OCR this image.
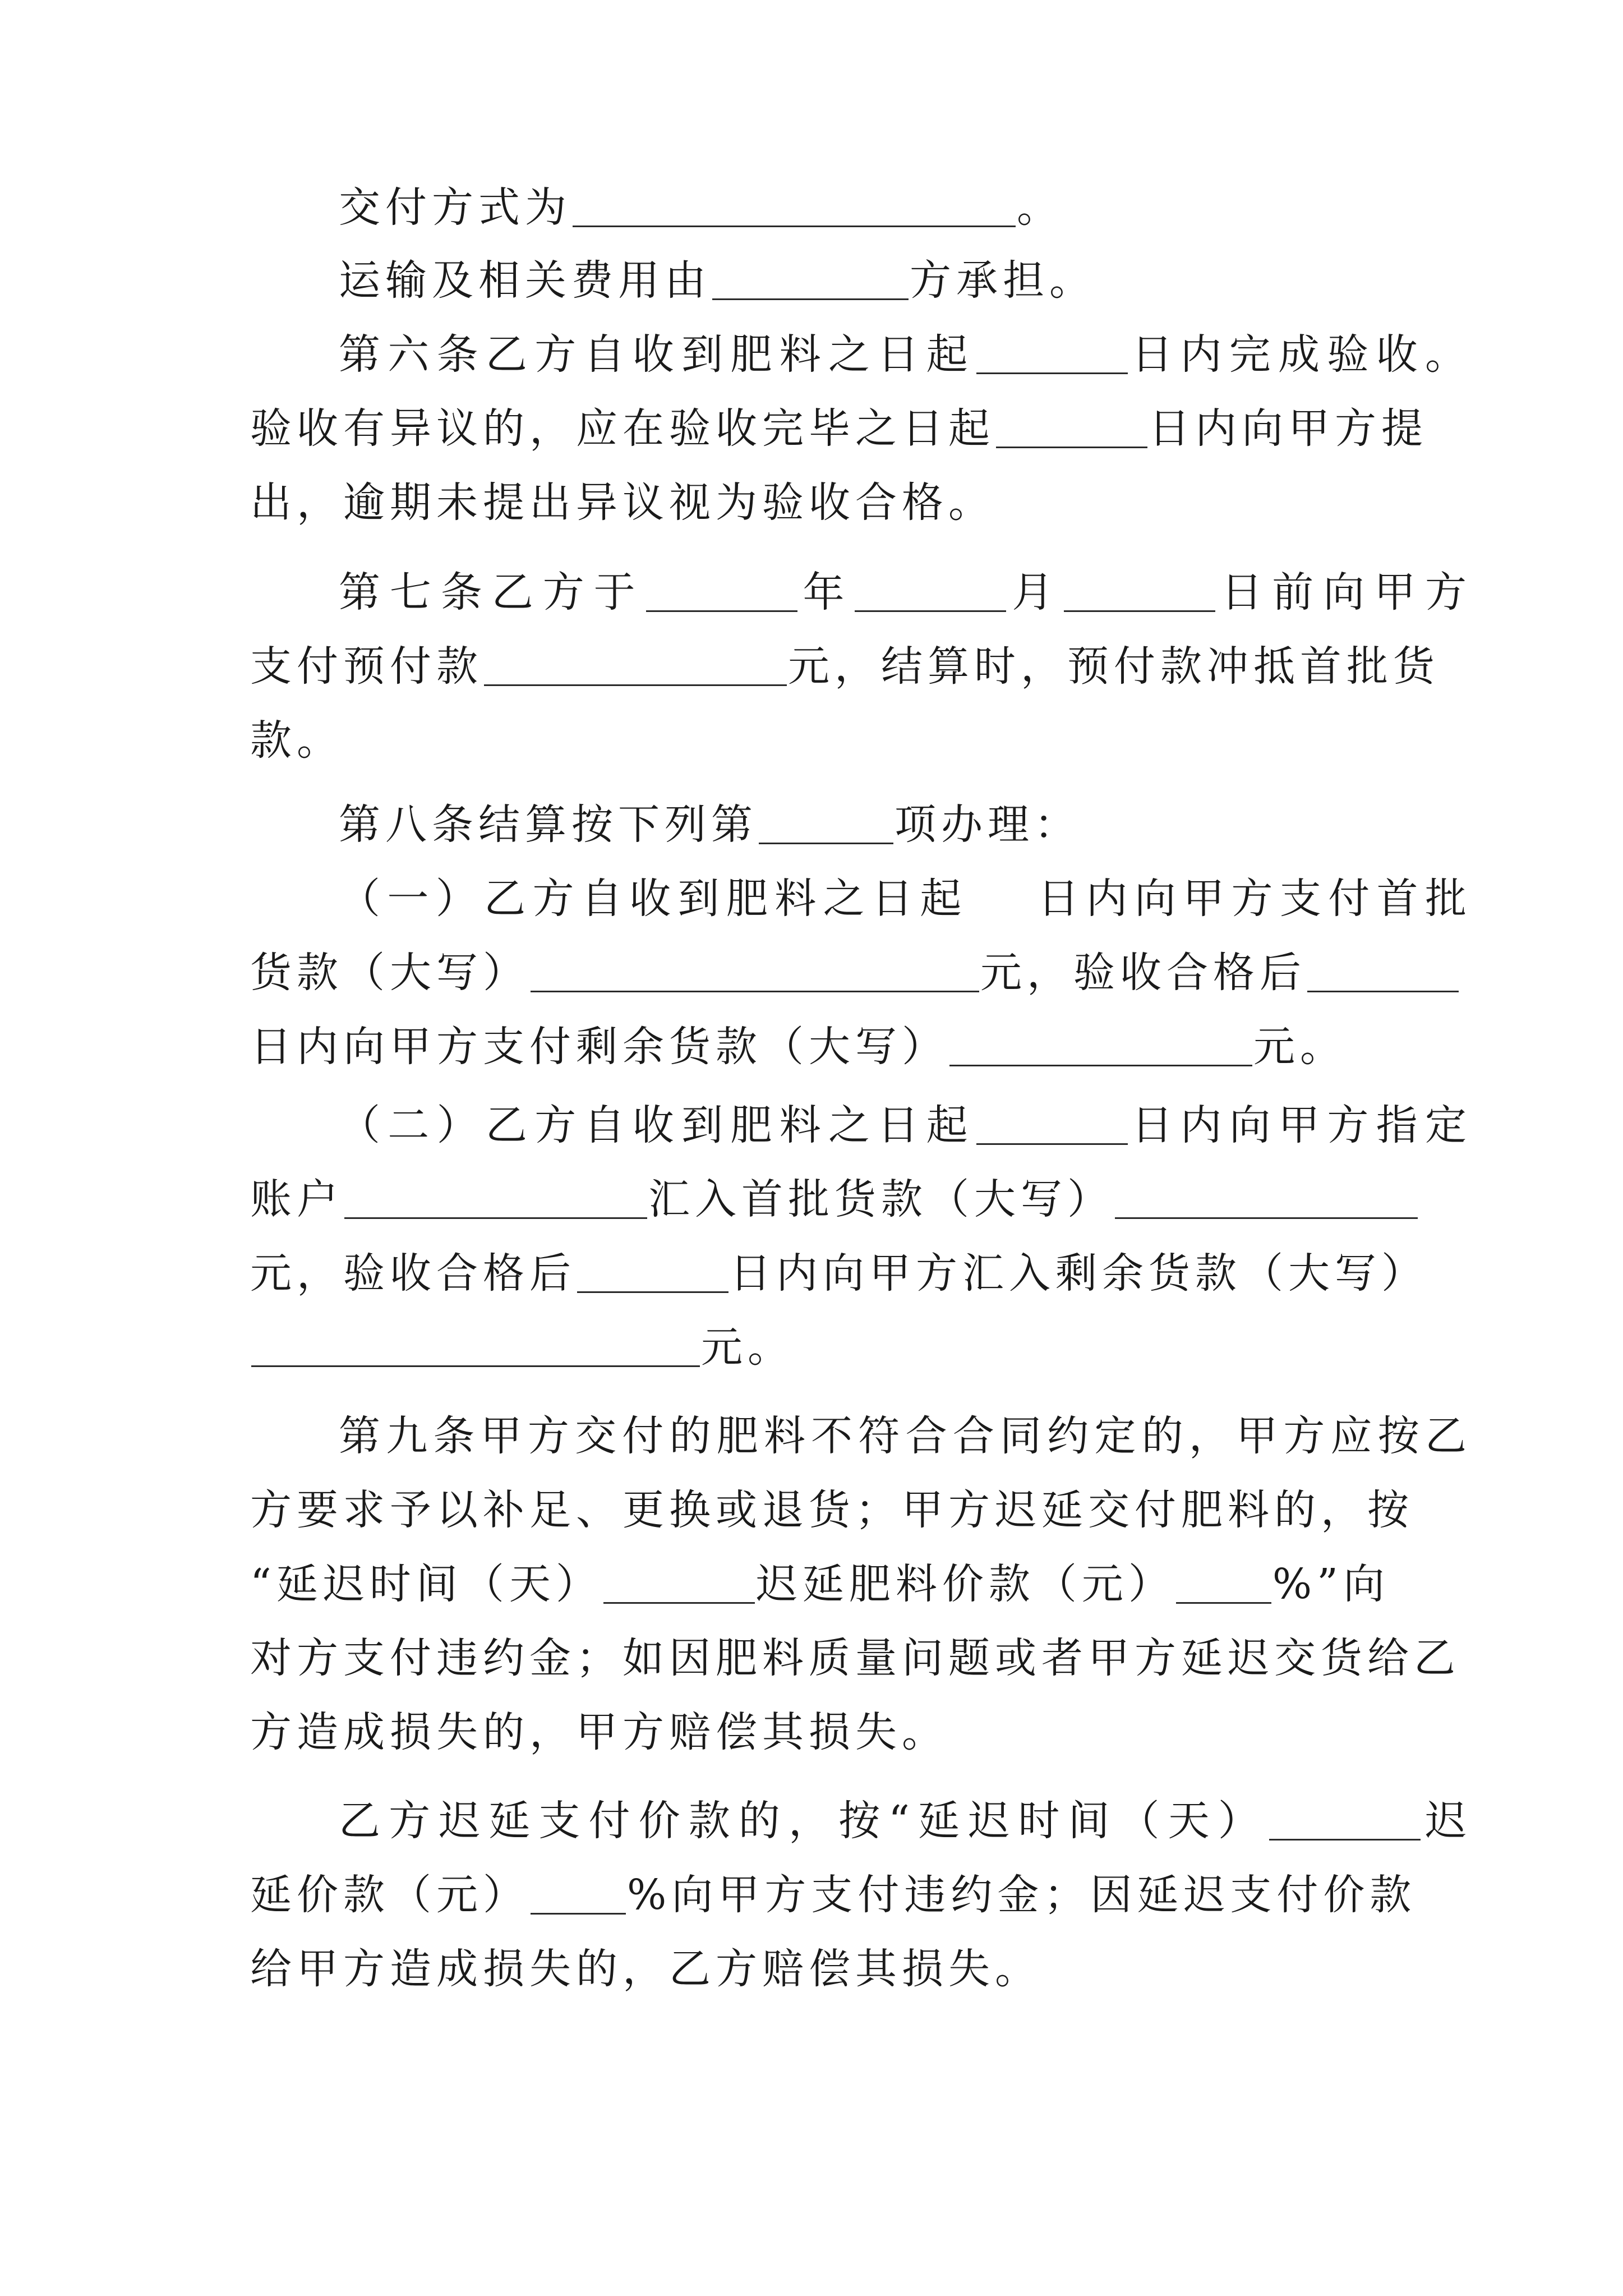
交付方式为	。
运输及相关费用由	方承担。
第六条乙方自收到肥料之日起	日内完成验收。
验收有异议的，应在验收完毕之日起	日内向甲方提
出，逾期未提出异议视为验收合格。
第七条乙方于	年	月	日前向甲方
支付预付款	元，结算时，预付款冲抵首批货
款。
第八条结算按下列第	项办理：
（一）乙方自收到肥料之日起 日内向甲方支付首批
货款（大写）	元，验收合格后
日内向甲方支付剩余货款（大写）	元。
（二）乙方自收到肥料之日起	日内向甲方指定
账户	汇入首批货款（大写）
元，验收合格后	日内向甲方汇入剩余货款（大写）
元。
第九条甲方交付的肥料不符合合同约定的，甲方应按乙
方要求予以补足、更换或退货；甲方迟延交付肥料的，按
“延迟时间（天）	迟延肥料价款（元） %”向
对方支付违约金；如因肥料质量问题或者甲方延迟交货给乙
方造成损失的，甲方赔偿其损失。
乙方迟延支付价款的，按“延迟时间（天）	迟
延价款（元） %向甲方支付违约金；因延迟支付价款
给甲方造成损失的，乙方赔偿其损失。
